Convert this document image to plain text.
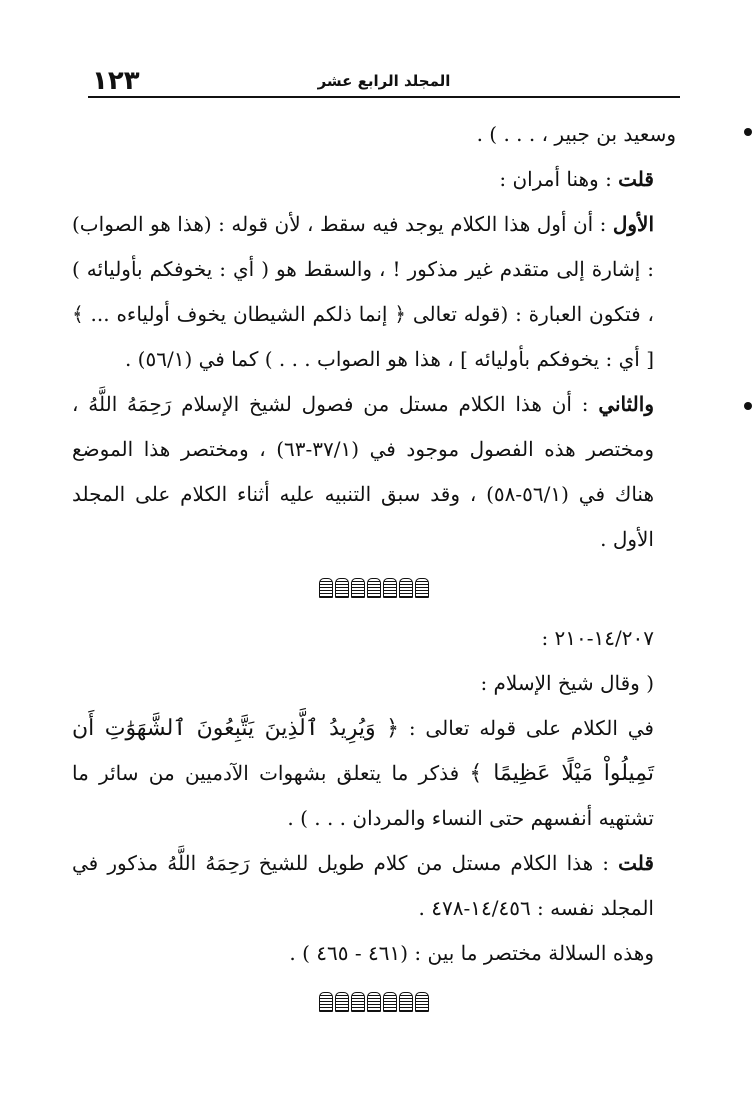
١٢٣	المجلد الرابع عشر

وسعيد بن جبير ، . . . ) .

قلت : وهنا أمران :

الأول : أن أول هذا الكلام يوجد فيه سقط ، لأن قوله : (هذا هو الصواب) : إشارة إلى متقدم غير مذكور ! ، والسقط هو ( أي : يخوفكم بأوليائه ) ، فتكون العبارة : (قوله تعالى ﴿ إنما ذلكم الشيطان يخوف أولياءه ... ﴾ [ أي : يخوفكم بأوليائه ] ، هذا هو الصواب . . . ) كما في (٥٦/١) .

والثاني : أن هذا الكلام مستل من فصول لشيخ الإسلام رَحِمَهُ اللَّهُ ، ومختصر هذه الفصول موجود في (٣٧/١-٦٣) ، ومختصر هذا الموضع هناك في (٥٦/١-٥٨) ، وقد سبق التنبيه عليه أثناء الكلام على المجلد الأول .

١٤/٢٠٧-٢١٠ :

( وقال شيخ الإسلام :

في الكلام على قوله تعالى : ﴿ وَيُرِيدُ ٱلَّذِينَ يَتَّبِعُونَ ٱلشَّهَوَٰتِ أَن تَمِيلُواْ مَيْلًا عَظِيمًا ﴾ فذكر ما يتعلق بشهوات الآدميين من سائر ما تشتهيه أنفسهم حتى النساء والمردان . . . ) .

قلت : هذا الكلام مستل من كلام طويل للشيخ رَحِمَهُ اللَّهُ مذكور في المجلد نفسه : ١٤/٤٥٦-٤٧٨ .

وهذه السلالة مختصر ما بين : (٤٦١ - ٤٦٥ ) .
